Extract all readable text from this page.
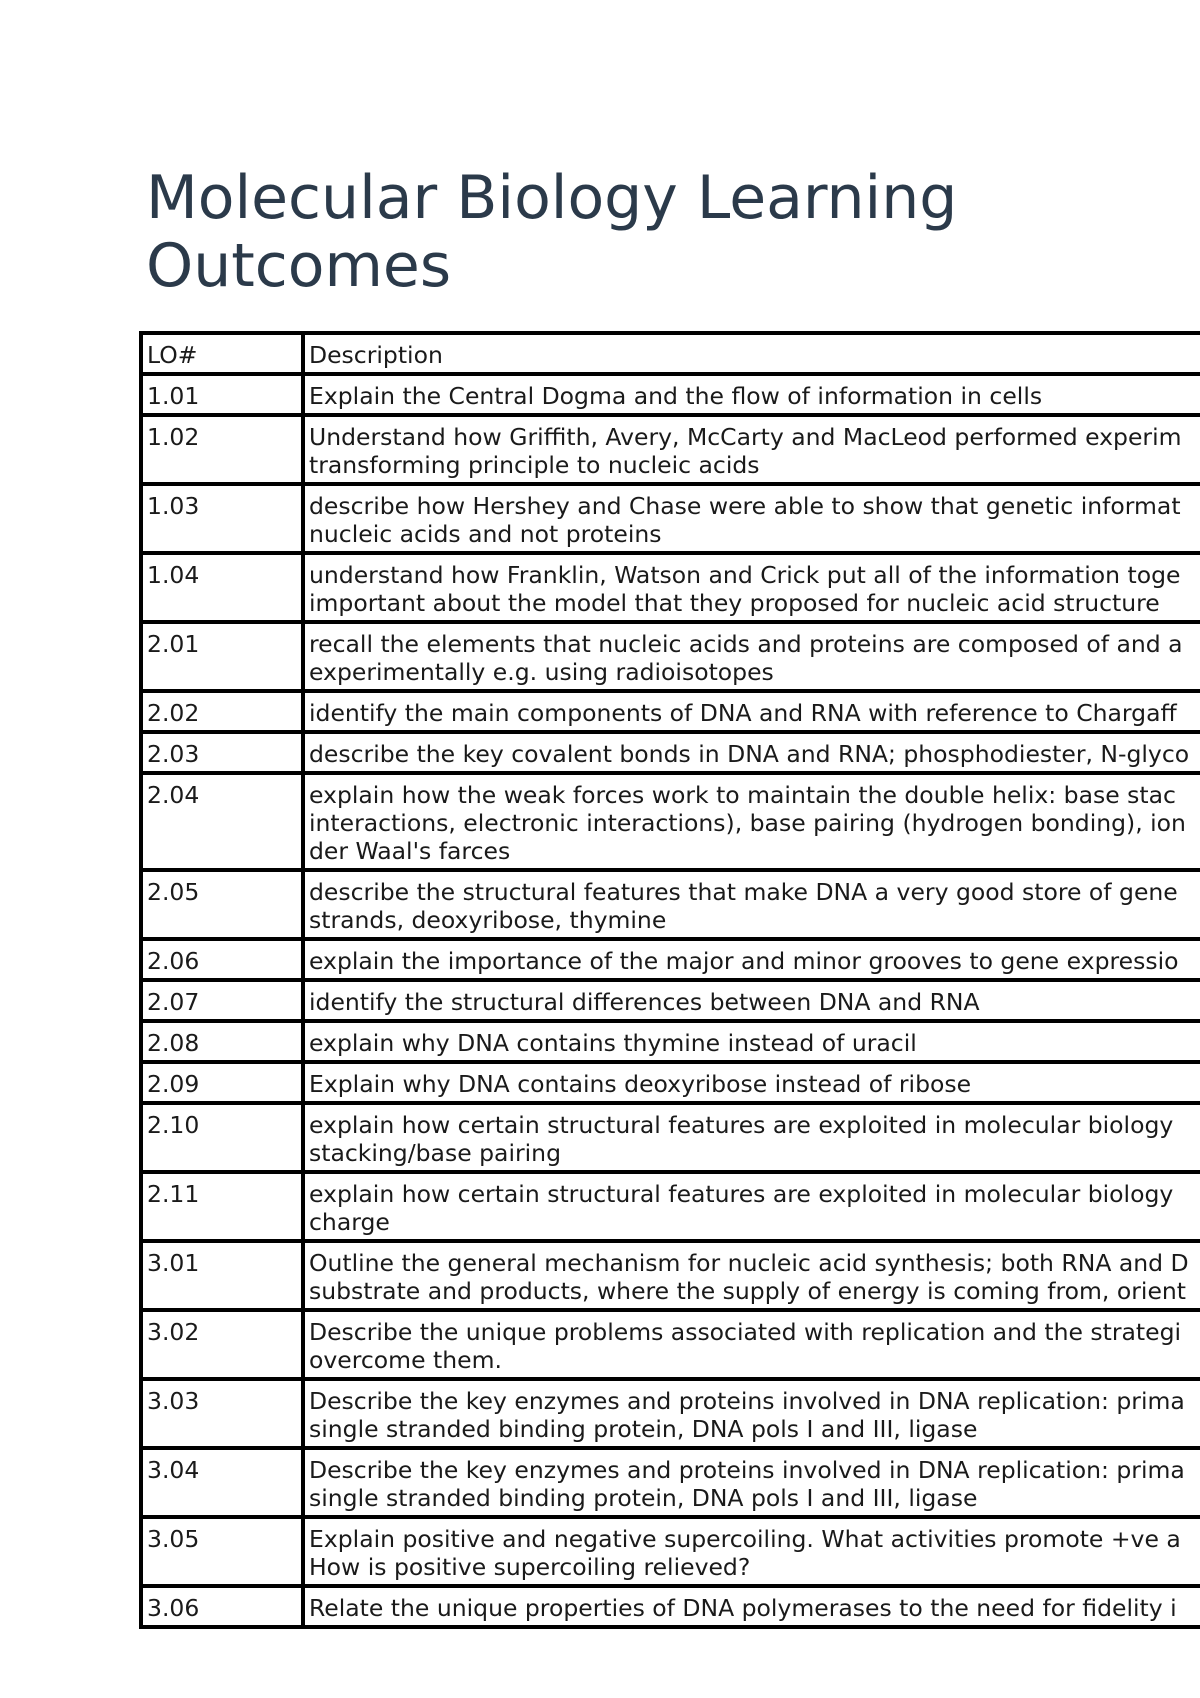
Molecular Biology Learning
Outcomes
LO#	Description
1.01	Explain the Central Dogma and the flow of information in cells

1.02	Understand how Griffith, Avery, McCarty and MacLeod performed experim
transforming principle to nucleic acids

1.03	describe how Hershey and Chase were able to show that genetic informat
nucleic acids and not proteins

1.04	understand how Franklin, Watson and Crick put all of the information toge
important about the model that they proposed for nucleic acid structure

2.01	recall the elements that nucleic acids and proteins are composed of and a
experimentally e.g. using radioisotopes

2.02	identify the main components of DNA and RNA with reference to Chargaff

2.03	describe the key covalent bonds in DNA and RNA; phosphodiester, N-glyco

2.04	explain how the weak forces work to maintain the double helix: base stac
interactions, electronic interactions), base pairing (hydrogen bonding), ion
der Waal's farces

2.05	describe the structural features that make DNA a very good store of gene
strands, deoxyribose, thymine

2.06	explain the importance of the major and minor grooves to gene expressio

2.07	identify the structural differences between DNA and RNA

2.08	explain why DNA contains thymine instead of uracil

2.09	Explain why DNA contains deoxyribose instead of ribose

2.10	explain how certain structural features are exploited in molecular biology
stacking/base pairing

2.11	explain how certain structural features are exploited in molecular biology
charge

3.01	Outline the general mechanism for nucleic acid synthesis; both RNA and D
substrate and products, where the supply of energy is coming from, orient

3.02	Describe the unique problems associated with replication and the strategi
overcome them.

3.03	Describe the key enzymes and proteins involved in DNA replication: prima
single stranded binding protein, DNA pols I and III, ligase

3.04	Describe the key enzymes and proteins involved in DNA replication: prima
single stranded binding protein, DNA pols I and III, ligase

3.05	Explain positive and negative supercoiling. What activities promote +ve a
How is positive supercoiling relieved?

3.06	Relate the unique properties of DNA polymerases to the need for fidelity i
